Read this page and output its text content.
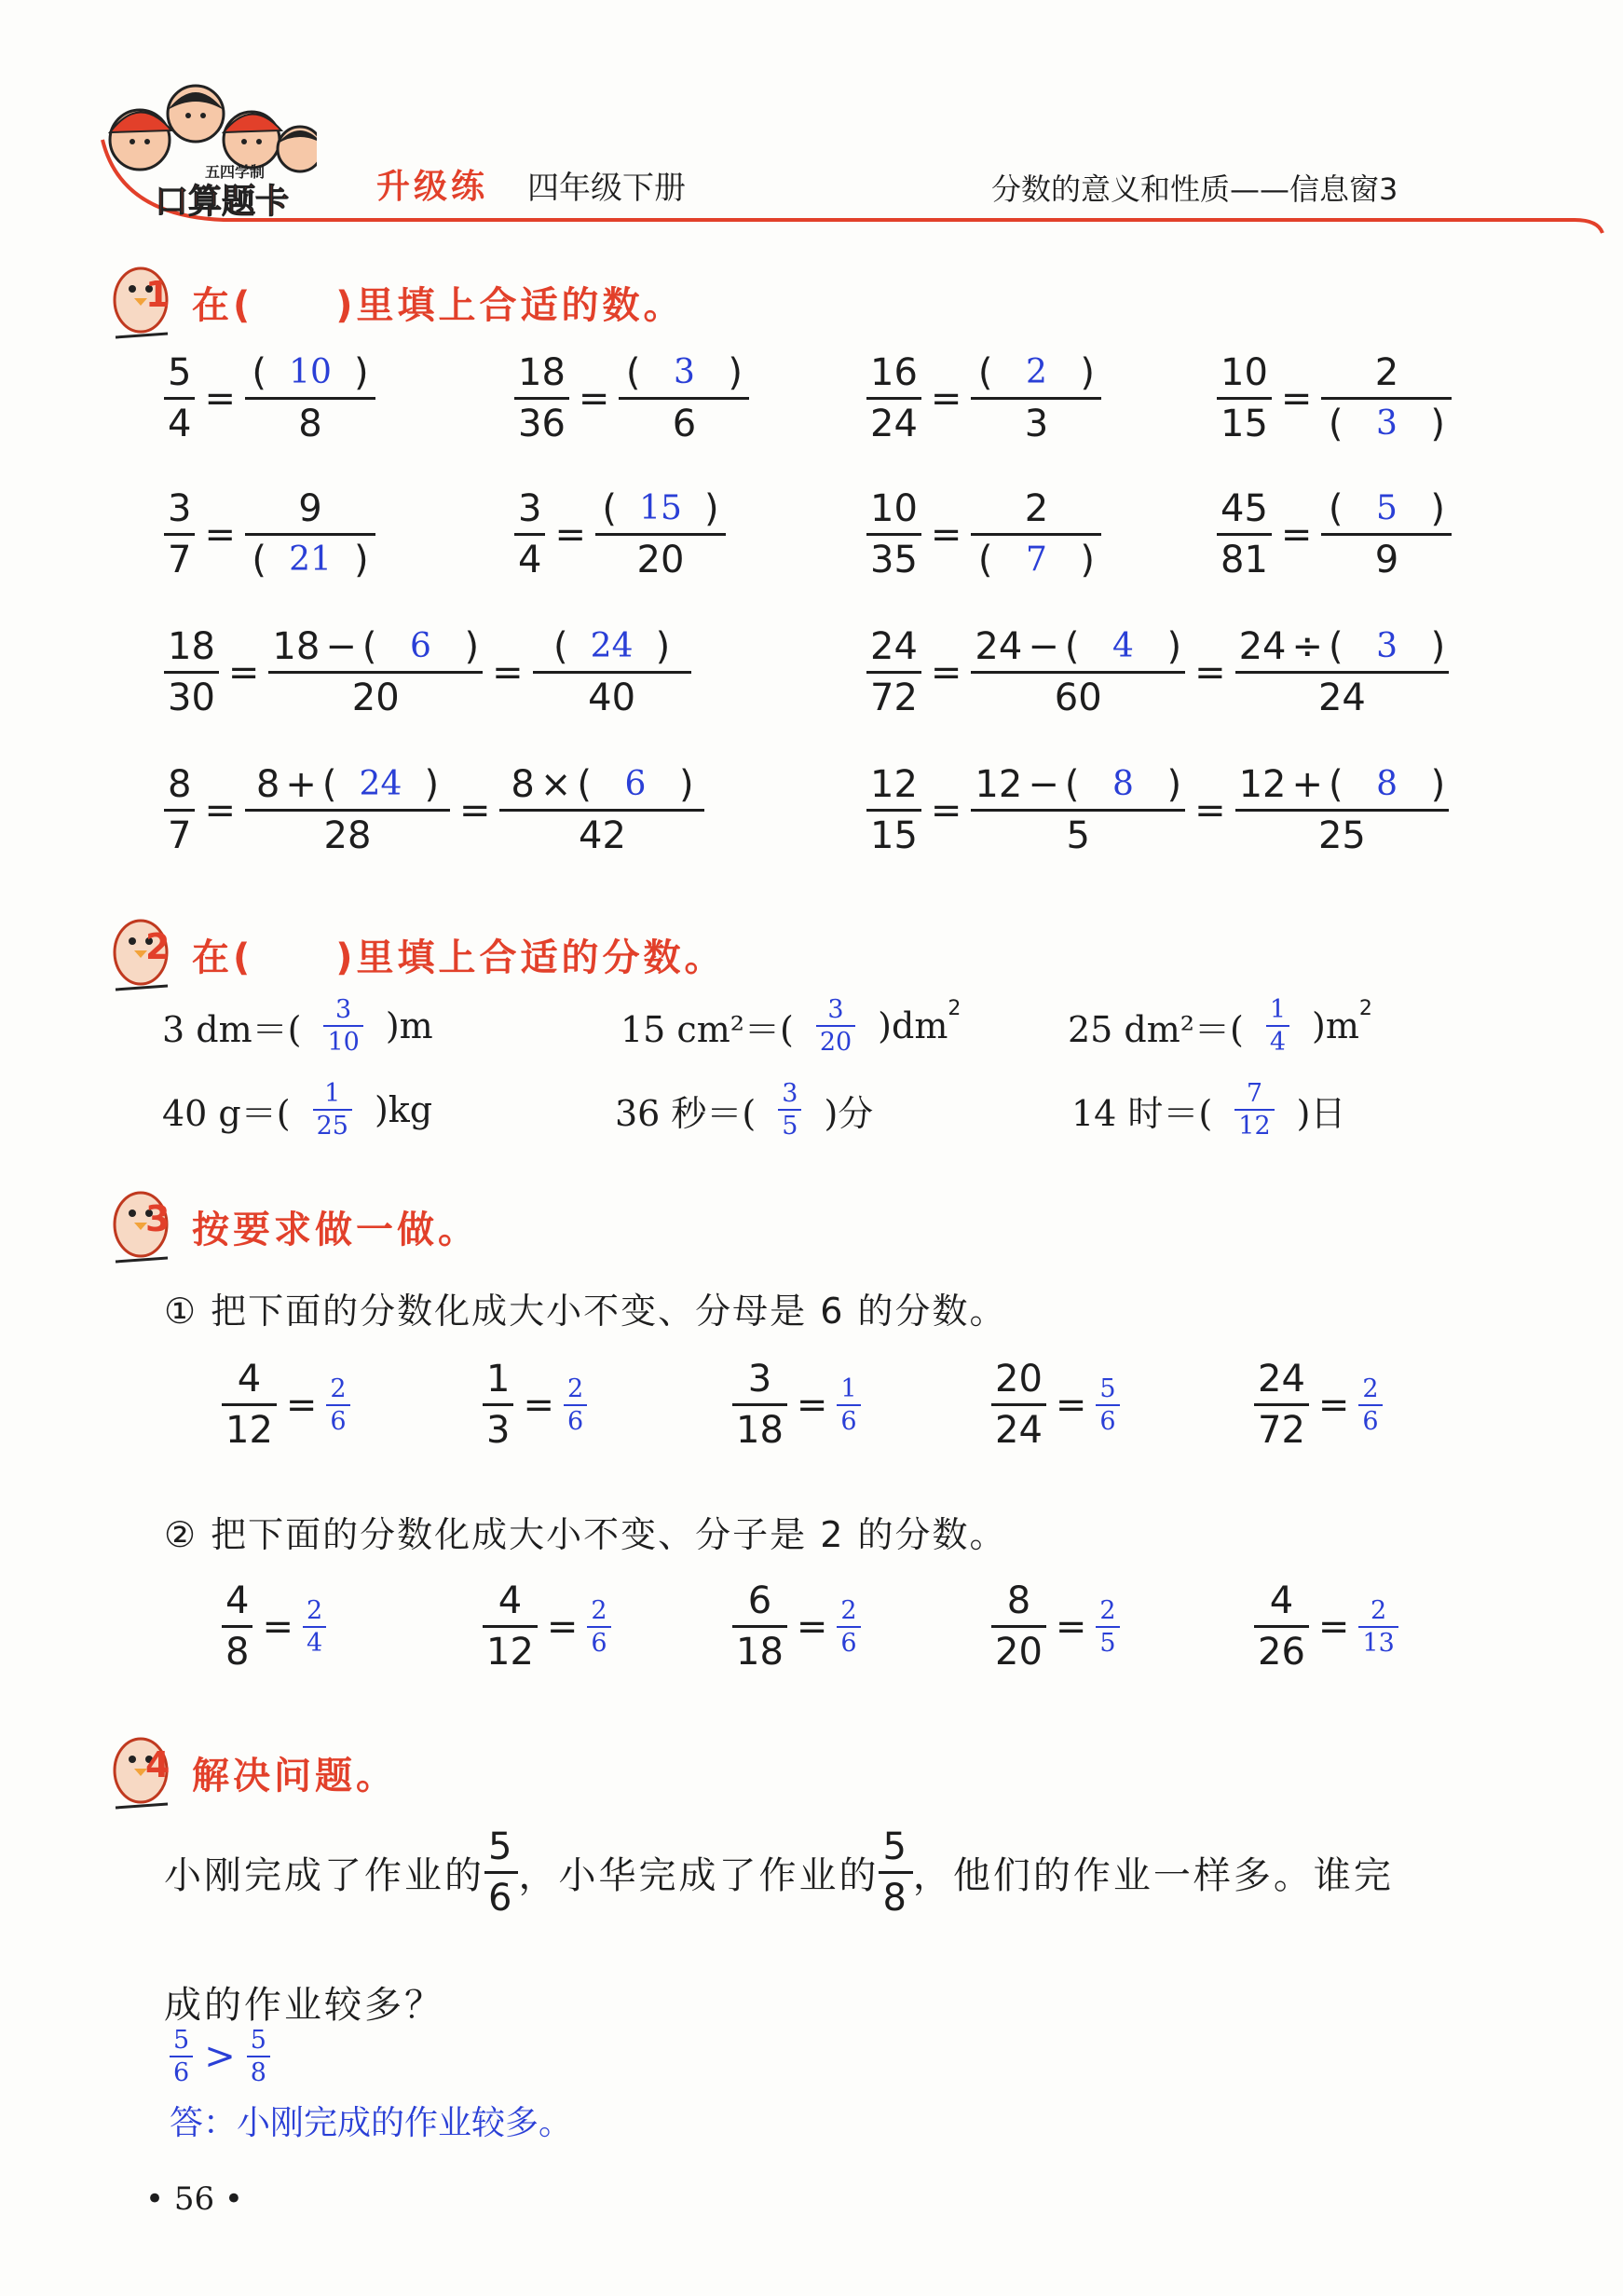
五四学制
口算题卡	升级练 四年级下册	分数的意义和性质——信息窗3
1 在(　　)里填上合适的数。
$\frac{5}{4} = \frac{( 10 )}{8}$	$\frac{18}{36} = \frac{( 3 )}{6}$	$\frac{16}{24} = \frac{( 2 )}{3}$	$\frac{10}{15} = \frac{2}{( 3 )}$
$\frac{3}{7} = \frac{9}{( 21 )}$	$\frac{3}{4} = \frac{( 15 )}{20}$	$\frac{10}{35} = \frac{2}{( 7 )}$	$\frac{45}{81} = \frac{( 5 )}{9}$
$\frac{18}{30} = \frac{18 - ( 6 )}{20} = \frac{( 24 )}{40}$	$\frac{24}{72} = \frac{24 - ( 4 )}{60} = \frac{24 \div ( 3 )}{24}$
$\frac{8}{7} = \frac{8 + ( 24 )}{28} = \frac{8 \times ( 6 )}{42}$	$\frac{12}{15} = \frac{12 - ( 8 )}{5} = \frac{12 + ( 8 )}{25}$
2 在(　　)里填上合适的分数。
3 $dm=( \frac{3}{10} )m$	15 $cm^2=( \frac{3}{20} )dm^2$	25 $dm^2=( \frac{1}{4} )m^2$
40 $g=( \frac{1}{25} )kg$	36 秒＝( $\frac{3}{5}$ )分	14 时＝( $\frac{7}{12}$ )日
3 按要求做一做。
① 把下面的分数化成大小不变、分母是 6 的分数。
$\frac{4}{12} = \frac{2}{6}$	$\frac{1}{3} = \frac{2}{6}$	$\frac{3}{18} = \frac{1}{6}$	$\frac{20}{24} = \frac{5}{6}$	$\frac{24}{72} = \frac{2}{6}$
② 把下面的分数化成大小不变、分子是 2 的分数。
$\frac{4}{8} = \frac{2}{4}$	$\frac{4}{12} = \frac{2}{6}$	$\frac{6}{18} = \frac{2}{6}$	$\frac{8}{20} = \frac{2}{5}$	$\frac{4}{26} = \frac{2}{13}$
4 解决问题。
小刚完成了作业的 $\frac{5}{6}$ ，小华完成了作业的 $\frac{5}{8}$ ，他们的作业一样多。谁完
成的作业较多？
$\frac{5}{6} > \frac{5}{8}$
答：小刚完成的作业较多。
• 56 •
